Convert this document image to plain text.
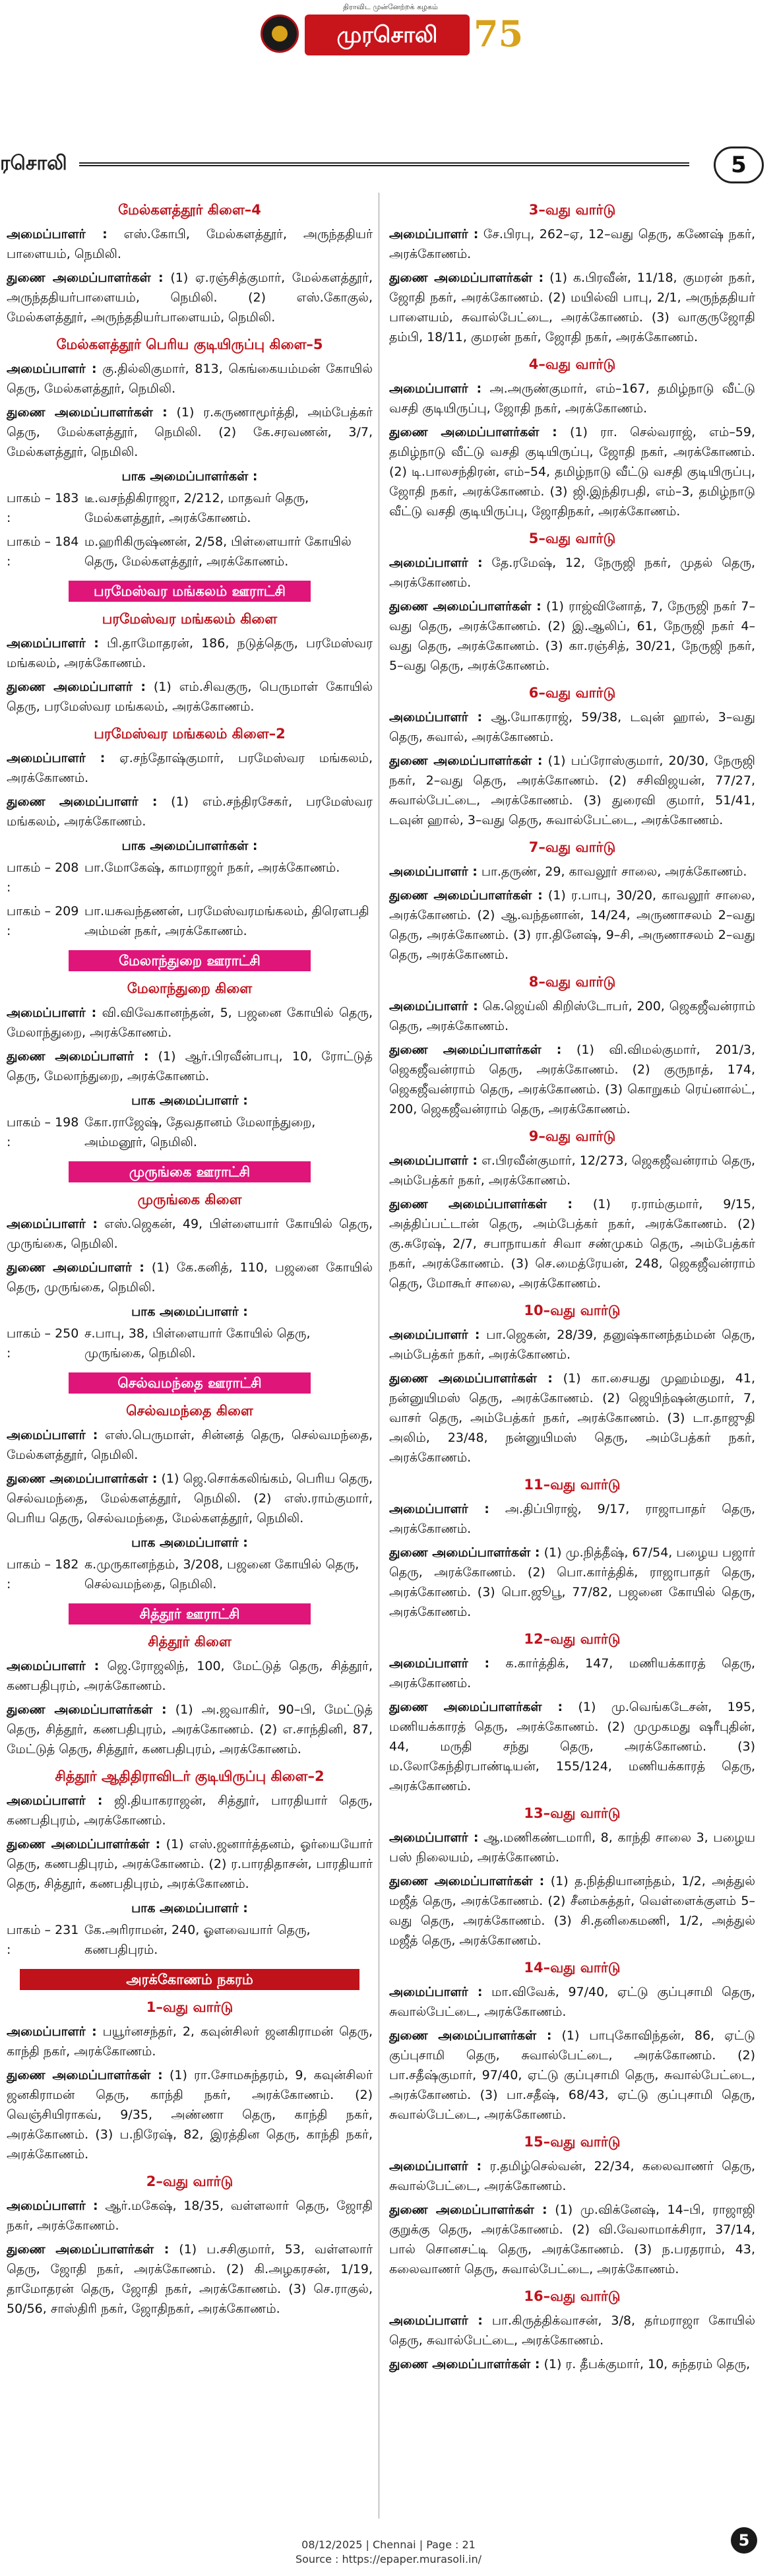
திராவிட முன்னேற்றக் கழகம்
முரசொலி	75
ரசொலி	5
மேல்களத்தூர் கிளை–4

அமைப்பாளர் : எஸ்.கோபி, மேல்களத்தூர், அருந்ததியர் பாளையம், நெமிலி.

துணை அமைப்பாளர்கள் : (1) ஏ.ரஞ்சித்குமார், மேல்களத்தூர், அருந்ததியர்பாளையம், நெமிலி. (2) எஸ்.கோகுல், மேல்களத்தூர், அருந்ததியர்பாளையம், நெமிலி.

மேல்களத்தூர் பெரிய குடியிருப்பு கிளை–5

அமைப்பாளர் : கு.தில்லிகுமார், 813, கெங்கையம்மன் கோயில் தெரு, மேல்களத்தூர், நெமிலி.

துணை அமைப்பாளர்கள் : (1) ர.கருணாமூர்த்தி, அம்பேத்கர் தெரு, மேல்களத்தூர், நெமிலி. (2) கே.சரவணன், 3/7, மேல்களத்தூர், நெமிலி.

பாக அமைப்பாளர்கள் :
பாகம் – 183 :
டீ.வசந்திகிராஜா, 2/212, மாதவர் தெரு, மேல்களத்தூர், அரக்கோணம்.
பாகம் – 184 :
ம.ஹரிகிருஷ்ணன், 2/58, பிள்ளையார் கோயில் தெரு, மேல்களத்தூர், அரக்கோணம்.
பரமேஸ்வர மங்கலம் ஊராட்சி
பரமேஸ்வர மங்கலம் கிளை

அமைப்பாளர் : பி.தாமோதரன், 186, நடுத்தெரு, பரமேஸ்வர மங்கலம், அரக்கோணம்.

துணை அமைப்பாளர் : (1) எம்.சிவகுரு, பெருமாள் கோயில் தெரு, பரமேஸ்வர மங்கலம், அரக்கோணம்.

பரமேஸ்வர மங்கலம் கிளை–2

அமைப்பாளர் : ஏ.சந்தோஷ்குமார், பரமேஸ்வர மங்கலம், அரக்கோணம்.

துணை அமைப்பாளர் : (1) எம்.சந்திரசேகர், பரமேஸ்வர மங்கலம், அரக்கோணம்.

பாக அமைப்பாளர்கள் :
பாகம் – 208 :
பா.மோகேஷ், காமராஜர் நகர், அரக்கோணம்.
பாகம் – 209 :
பா.யசுவந்தணன், பரமேஸ்வரமங்கலம், திரௌபதி அம்மன் நகர், அரக்கோணம்.
மேலாந்துறை ஊராட்சி
மேலாந்துறை கிளை

அமைப்பாளர் : வி.விவேகானந்தன், 5, பஜனை கோயில் தெரு, மேலாந்துறை, அரக்கோணம்.

துணை அமைப்பாளர் : (1) ஆர்.பிரவீன்பாபு, 10, ரோட்டுத் தெரு, மேலாந்துறை, அரக்கோணம்.

பாக அமைப்பாளர் :
பாகம் – 198 :
கோ.ராஜேஷ், தேவதானம் மேலாந்துறை, அம்மனூர், நெமிலி.
முருங்கை ஊராட்சி
முருங்கை கிளை

அமைப்பாளர் : எஸ்.ஜெகன், 49, பிள்ளையார் கோயில் தெரு, முருங்கை, நெமிலி.

துணை அமைப்பாளர் : (1) கே.கனித், 110, பஜனை கோயில் தெரு, முருங்கை, நெமிலி.

பாக அமைப்பாளர் :
பாகம் – 250 :
ச.பாபு, 38, பிள்ளையார் கோயில் தெரு, முருங்கை, நெமிலி.
செல்வமந்தை ஊராட்சி
செல்வமந்தை கிளை

அமைப்பாளர் : எஸ்.பெருமாள், சின்னத் தெரு, செல்வமந்தை, மேல்களத்தூர், நெமிலி.

துணை அமைப்பாளர்கள் : (1) ஜெ.சொக்கலிங்கம், பெரிய தெரு, செல்வமந்தை, மேல்களத்தூர், நெமிலி. (2) எஸ்.ராம்குமார், பெரிய தெரு, செல்வமந்தை, மேல்களத்தூர், நெமிலி.

பாக அமைப்பாளர் :
பாகம் – 182 :
க.முருகானந்தம், 3/208, பஜனை கோயில் தெரு, செல்வமந்தை, நெமிலி.
சித்தூர் ஊராட்சி
சித்தூர் கிளை

அமைப்பாளர் : ஜெ.ரோஜலிந், 100, மேட்டுத் தெரு, சித்தூர், கணபதிபுரம், அரக்கோணம்.

துணை அமைப்பாளர்கள் : (1) அ.ஜவாகிர், 90–பி, மேட்டுத் தெரு, சித்தூர், கணபதிபுரம், அரக்கோணம். (2) எ.சாந்தினி, 87, மேட்டுத் தெரு, சித்தூர், கணபதிபுரம், அரக்கோணம்.

சித்தூர் ஆதிதிராவிடர் குடியிருப்பு கிளை–2

அமைப்பாளர் : ஜி.தியாகராஜன், சித்தூர், பாரதியார் தெரு, கணபதிபுரம், அரக்கோணம்.

துணை அமைப்பாளர்கள் : (1) எஸ்.ஜனார்த்தனம், ஓர்யையோர் தெரு, கணபதிபுரம், அரக்கோணம். (2) ர.பாரதிதாசன், பாரதியார் தெரு, சித்தூர், கணபதிபுரம், அரக்கோணம்.

பாக அமைப்பாளர் :
பாகம் – 231 :
கே.அரிராமன், 240, ஓளவையார் தெரு, கணபதிபுரம்.
அரக்கோணம் நகரம்
1–வது வார்டு

அமைப்பாளர் : பயூர்னசந்தர், 2, கவுன்சிலர் ஜனகிராமன் தெரு, காந்தி நகர், அரக்கோணம்.

துணை அமைப்பாளர்கள் : (1) ரா.சோமசுந்தரம், 9, கவுன்சிலர் ஜனகிராமன் தெரு, காந்தி நகர், அரக்கோணம். (2) வெஞ்சியிராகவ், 9/35, அண்ணா தெரு, காந்தி நகர், அரக்கோணம். (3) ப.நிரேஷ், 82, இரத்தின தெரு, காந்தி நகர், அரக்கோணம்.

2–வது வார்டு

அமைப்பாளர் : ஆர்.மகேஷ், 18/35, வள்ளலார் தெரு, ஜோதி நகர், அரக்கோணம்.

துணை அமைப்பாளர்கள் : (1) ப.சசிகுமார், 53, வள்ளலார் தெரு, ஜோதி நகர், அரக்கோணம். (2) கி.அழகரசன், 1/19, தாமோதரன் தெரு, ஜோதி நகர், அரக்கோணம். (3) செ.ராகுல், 50/56, சாஸ்திரி நகர், ஜோதிநகர், அரக்கோணம்.

3–வது வார்டு

அமைப்பாளர் : சே.பிரபு, 262–ஏ, 12–வது தெரு, கணேஷ் நகர், அரக்கோணம்.

துணை அமைப்பாளர்கள் : (1) க.பிரவீன், 11/18, குமரன் நகர், ஜோதி நகர், அரக்கோணம். (2) மயில்வி பாபு, 2/1, அருந்ததியர் பாளையம், சுவால்பேட்டை, அரக்கோணம். (3) வாகுருஜோதி தம்பி, 18/11, குமரன் நகர், ஜோதி நகர், அரக்கோணம்.

4–வது வார்டு

அமைப்பாளர் : அ.அருண்குமார், எம்–167, தமிழ்நாடு வீட்டு வசதி குடியிருப்பு, ஜோதி நகர், அரக்கோணம்.

துணை அமைப்பாளர்கள் : (1) ரா. செல்வராஜ், எம்–59, தமிழ்நாடு வீட்டு வசதி குடியிருப்பு, ஜோதி நகர், அரக்கோணம். (2) டி.பாலசந்திரன், எம்–54, தமிழ்நாடு வீட்டு வசதி குடியிருப்பு, ஜோதி நகர், அரக்கோணம். (3) ஜி.இந்திரபதி, எம்–3, தமிழ்நாடு வீட்டு வசதி குடியிருப்பு, ஜோதிநகர், அரக்கோணம்.

5–வது வார்டு

அமைப்பாளர் : தே.ரமேஷ், 12, நேருஜி நகர், முதல் தெரு, அரக்கோணம்.

துணை அமைப்பாளர்கள் : (1) ராஜ்வினோத், 7, நேருஜி நகர் 7–வது தெரு, அரக்கோணம். (2) இ.ஆலிப், 61, நேருஜி நகர் 4–வது தெரு, அரக்கோணம். (3) கா.ரஞ்சித், 30/21, நேருஜி நகர், 5–வது தெரு, அரக்கோணம்.

6–வது வார்டு

அமைப்பாளர் : ஆ.யோகராஜ், 59/38, டவுன் ஹால், 3–வது தெரு, சுவால், அரக்கோணம்.

துணை அமைப்பாளர்கள் : (1) பப்ரோஸ்குமார், 20/30, நேருஜி நகர், 2–வது தெரு, அரக்கோணம். (2) சசிவிஜயன், 77/27, சுவால்பேட்டை, அரக்கோணம். (3) துரைவி குமார், 51/41, டவுன் ஹால், 3–வது தெரு, சுவால்பேட்டை, அரக்கோணம்.

7–வது வார்டு

அமைப்பாளர் : பா.தருண், 29, காவலூர் சாலை, அரக்கோணம்.

துணை அமைப்பாளர்கள் : (1) ர.பாபு, 30/20, காவலூர் சாலை, அரக்கோணம். (2) ஆ.வந்தனான், 14/24, அருணாசலம் 2–வது தெரு, அரக்கோணம். (3) ரா.தினேஷ், 9–சி, அருணாசலம் 2–வது தெரு, அரக்கோணம்.

8–வது வார்டு

அமைப்பாளர் : கெ.ஜெய்லி கிறிஸ்டோபர், 200, ஜெகஜீவன்ராம் தெரு, அரக்கோணம்.

துணை அமைப்பாளர்கள் : (1) வி.விமல்குமார், 201/3, ஜெகஜீவன்ராம் தெரு, அரக்கோணம். (2) குருநாத், 174, ஜெகஜீவன்ராம் தெரு, அரக்கோணம். (3) கொறுகம் ரெய்னால்ட், 200, ஜெகஜீவன்ராம் தெரு, அரக்கோணம்.

9–வது வார்டு

அமைப்பாளர் : எ.பிரவீன்குமார், 12/273, ஜெகஜீவன்ராம் தெரு, அம்பேத்கர் நகர், அரக்கோணம்.

துணை அமைப்பாளர்கள் : (1) ர.ராம்குமார், 9/15, அத்திப்பட்டான் தெரு, அம்பேத்கர் நகர், அரக்கோணம். (2) கு.சுரேஷ், 2/7, சபாநாயகர் சிவா சண்முகம் தெரு, அம்பேத்கர் நகர், அரக்கோணம். (3) செ.மைத்ரேயன், 248, ஜெகஜீவன்ராம் தெரு, மோகூர் சாலை, அரக்கோணம்.

10–வது வார்டு

அமைப்பாளர் : பா.ஜெகன், 28/39, தனுஷ்கானந்தம்மன் தெரு, அம்பேத்கர் நகர், அரக்கோணம்.

துணை அமைப்பாளர்கள் : (1) கா.சையது முஹம்மது, 41, நன்னுயிமஸ் தெரு, அரக்கோணம். (2) ஜெயிந்ஷன்குமார், 7, வாசர் தெரு, அம்பேத்கர் நகர், அரக்கோணம். (3) டா.தாஜுதி அலிம், 23/48, நன்னுயிமஸ் தெரு, அம்பேத்கர் நகர், அரக்கோணம்.

11–வது வார்டு

அமைப்பாளர் : அ.திப்பிராஜ், 9/17, ராஜாபாதர் தெரு, அரக்கோணம்.

துணை அமைப்பாளர்கள் : (1) மு.நித்தீஷ், 67/54, பழைய பஜார் தெரு, அரக்கோணம். (2) பொ.கார்த்திக், ராஜாபாதர் தெரு, அரக்கோணம். (3) பொ.ஜூபூ, 77/82, பஜனை கோயில் தெரு, அரக்கோணம்.

12–வது வார்டு

அமைப்பாளர் : க.கார்த்திக், 147, மணியக்காரத் தெரு, அரக்கோணம்.

துணை அமைப்பாளர்கள் : (1) மு.வெங்கடேசன், 195, மணியக்காரத் தெரு, அரக்கோணம். (2) முமுகமது ஷரீபுதின், 44, மருதி சந்து தெரு, அரக்கோணம். (3) ம.லோகேந்திரபாண்டியன், 155/124, மணியக்காரத் தெரு, அரக்கோணம்.

13–வது வார்டு

அமைப்பாளர் : ஆ.மணிகண்டமாரி, 8, காந்தி சாலை 3, பழைய பஸ் நிலையம், அரக்கோணம்.

துணை அமைப்பாளர்கள் : (1) த.நித்தியானந்தம், 1/2, அத்துல் மஜீத் தெரு, அரக்கோணம். (2) சீனம்சுத்தர், வெள்ளைக்குளம் 5–வது தெரு, அரக்கோணம். (3) சி.தனிகைமணி, 1/2, அத்துல் மஜீத் தெரு, அரக்கோணம்.

14–வது வார்டு

அமைப்பாளர் : மா.விவேக், 97/40, ஏட்டு குப்புசாமி தெரு, சுவால்பேட்டை, அரக்கோணம்.

துணை அமைப்பாளர்கள் : (1) பாபுகோவிந்தன், 86, ஏட்டு குப்புசாமி தெரு, சுவால்பேட்டை, அரக்கோணம். (2) பா.சதீஷ்குமார், 97/40, ஏட்டு குப்புசாமி தெரு, சுவால்பேட்டை, அரக்கோணம். (3) பா.சதீஷ், 68/43, ஏட்டு குப்புசாமி தெரு, சுவால்பேட்டை, அரக்கோணம்.

15–வது வார்டு

அமைப்பாளர் : ர.தமிழ்செல்வன், 22/34, கலைவாணர் தெரு, சுவால்பேட்டை, அரக்கோணம்.

துணை அமைப்பாளர்கள் : (1) மு.விக்னேஷ், 14–பி, ராஜாஜி குறுக்கு தெரு, அரக்கோணம். (2) வி.வேலாமாக்சிரா, 37/14, பால் சொனசட்டி தெரு, அரக்கோணம். (3) ந.பரதராம், 43, கலைவாணர் தெரு, சுவால்பேட்டை, அரக்கோணம்.

16–வது வார்டு

அமைப்பாளர் : பா.கிருத்திக்வாசன், 3/8, தர்மராஜா கோயில் தெரு, சுவால்பேட்டை, அரக்கோணம்.

துணை அமைப்பாளர்கள் : (1) ர. தீபக்குமார், 10, சுந்தரம் தெரு,

5
08/12/2025 | Chennai | Page : 21
Source : https://epaper.murasoli.in/
